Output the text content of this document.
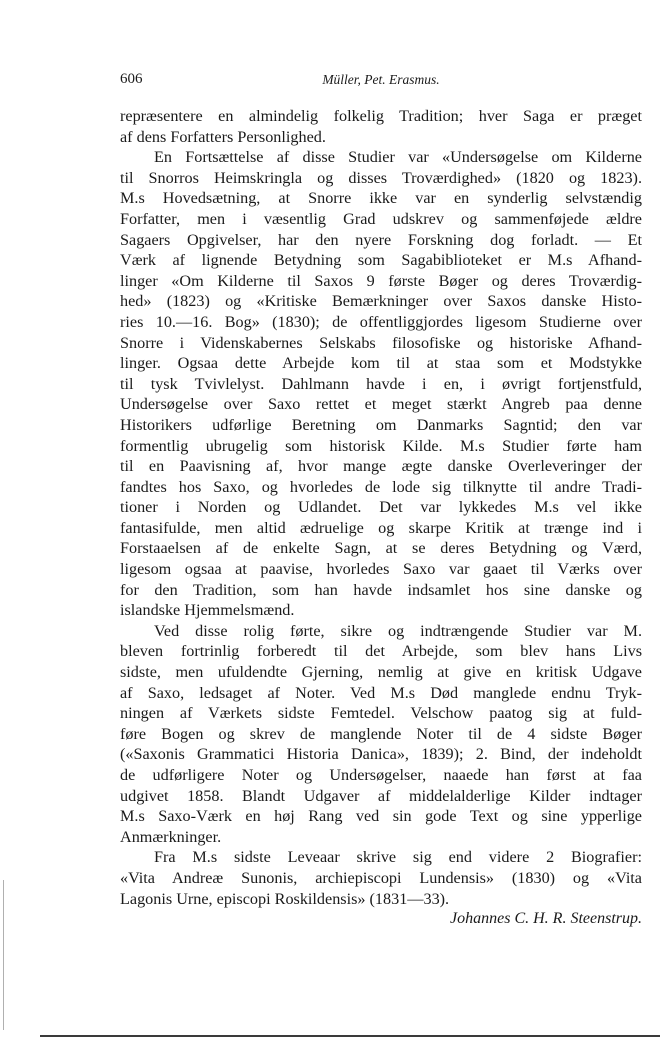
606	Müller, Pet. Erasmus.
repræsentere en almindelig folkelig Tradition; hver Saga er præget
af dens Forfatters Personlighed.
En Fortsættelse af disse Studier var «Undersøgelse om Kilderne
til Snorros Heimskringla og disses Troværdighed» (1820 og 1823).
M.s Hovedsætning, at Snorre ikke var en synderlig selvstændig
Forfatter, men i væsentlig Grad udskrev og sammenføjede ældre
Sagaers Opgivelser, har den nyere Forskning dog forladt. — Et
Værk af lignende Betydning som Sagabiblioteket er M.s Afhand-
linger «Om Kilderne til Saxos 9 første Bøger og deres Troværdig-
hed» (1823) og «Kritiske Bemærkninger over Saxos danske Histo-
ries 10.—16. Bog» (1830); de offentliggjordes ligesom Studierne over
Snorre i Videnskabernes Selskabs filosofiske og historiske Afhand-
linger. Ogsaa dette Arbejde kom til at staa som et Modstykke
til tysk Tvivlelyst. Dahlmann havde i en, i øvrigt fortjenstfuld,
Undersøgelse over Saxo rettet et meget stærkt Angreb paa denne
Historikers udførlige Beretning om Danmarks Sagntid; den var
formentlig ubrugelig som historisk Kilde. M.s Studier førte ham
til en Paavisning af, hvor mange ægte danske Overleveringer der
fandtes hos Saxo, og hvorledes de lode sig tilknytte til andre Tradi-
tioner i Norden og Udlandet. Det var lykkedes M.s vel ikke
fantasifulde, men altid ædruelige og skarpe Kritik at trænge ind i
Forstaaelsen af de enkelte Sagn, at se deres Betydning og Værd,
ligesom ogsaa at paavise, hvorledes Saxo var gaaet til Værks over
for den Tradition, som han havde indsamlet hos sine danske og
islandske Hjemmelsmænd.
Ved disse rolig førte, sikre og indtrængende Studier var M.
bleven fortrinlig forberedt til det Arbejde, som blev hans Livs
sidste, men ufuldendte Gjerning, nemlig at give en kritisk Udgave
af Saxo, ledsaget af Noter. Ved M.s Død manglede endnu Tryk-
ningen af Værkets sidste Femtedel. Velschow paatog sig at fuld-
føre Bogen og skrev de manglende Noter til de 4 sidste Bøger
(«Saxonis Grammatici Historia Danica», 1839); 2. Bind, der indeholdt
de udførligere Noter og Undersøgelser, naaede han først at faa
udgivet 1858. Blandt Udgaver af middelalderlige Kilder indtager
M.s Saxo-Værk en høj Rang ved sin gode Text og sine ypperlige
Anmærkninger.
Fra M.s sidste Leveaar skrive sig end videre 2 Biografier:
«Vita Andreæ Sunonis, archiepiscopi Lundensis» (1830) og «Vita
Lagonis Urne, episcopi Roskildensis» (1831—33).
Johannes C. H. R. Steenstrup.
